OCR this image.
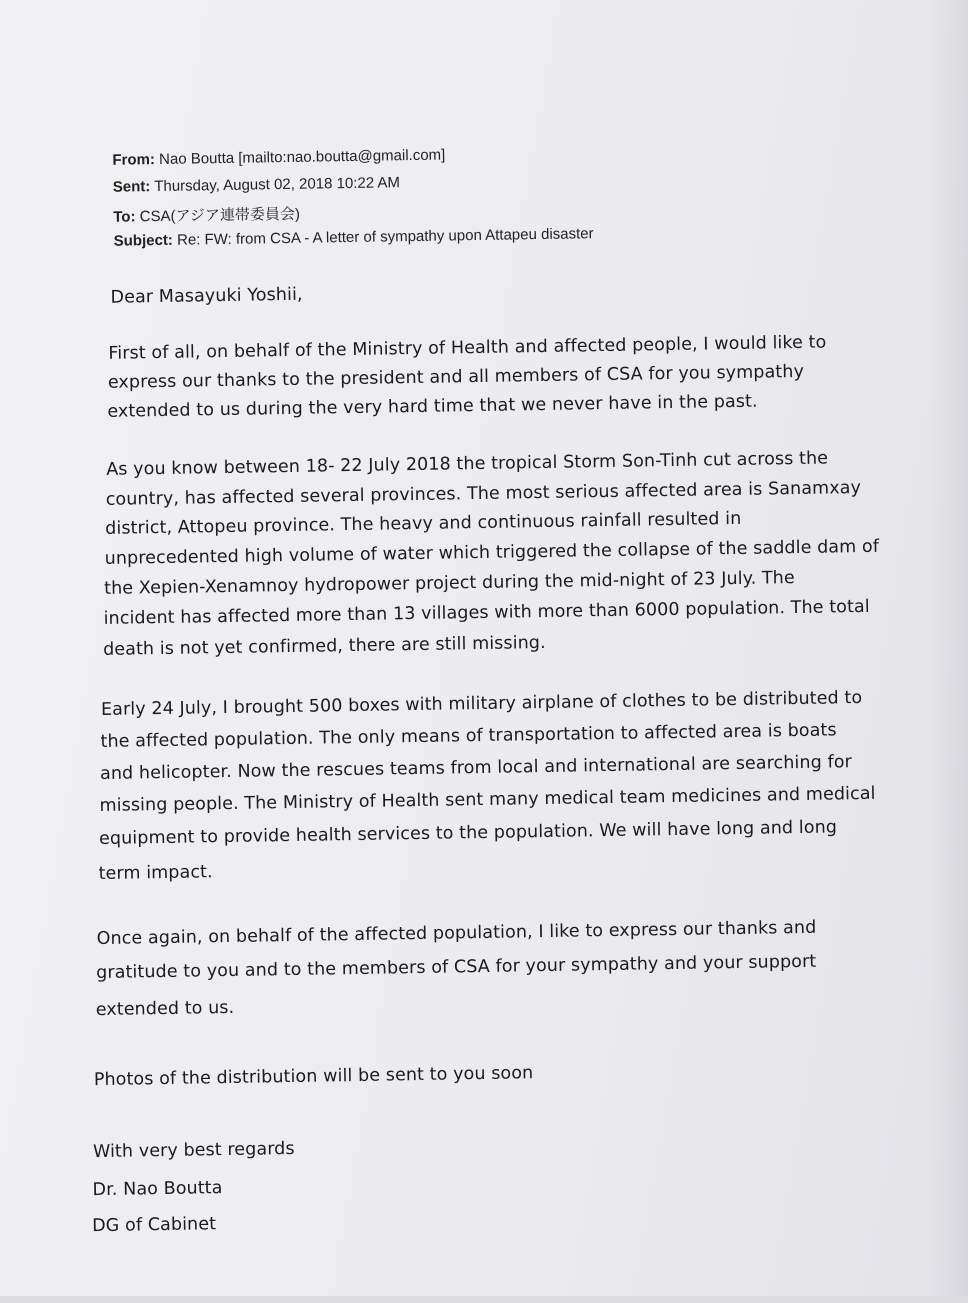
From: Nao Boutta [mailto:nao.boutta@gmail.com]
Sent: Thursday, August 02, 2018 10:22 AM
To: CSA(アジア連帯委員会)
Subject: Re: FW: from CSA - A letter of sympathy upon Attapeu disaster
Dear Masayuki Yoshii,
First of all, on behalf of the Ministry of Health and affected people, I would like to
express our thanks to the president and all members of CSA for you sympathy
extended to us during the very hard time that we never have in the past.
As you know between 18- 22 July 2018 the tropical Storm Son-Tinh cut across the
country, has affected several provinces. The most serious affected area is Sanamxay
district, Attopeu province. The heavy and continuous rainfall resulted in
unprecedented high volume of water which triggered the collapse of the saddle dam of
the Xepien-Xenamnoy hydropower project during the mid-night of 23 July. The
incident has affected more than 13 villages with more than 6000 population. The total
death is not yet confirmed, there are still missing.
Early 24 July, I brought 500 boxes with military airplane of clothes to be distributed to
the affected population. The only means of transportation to affected area is boats
and helicopter. Now the rescues teams from local and international are searching for
missing people. The Ministry of Health sent many medical team medicines and medical
equipment to provide health services to the population. We will have long and long
term impact.
Once again, on behalf of the affected population, I like to express our thanks and
gratitude to you and to the members of CSA for your sympathy and your support
extended to us.
Photos of the distribution will be sent to you soon
With very best regards
Dr. Nao Boutta
DG of Cabinet
